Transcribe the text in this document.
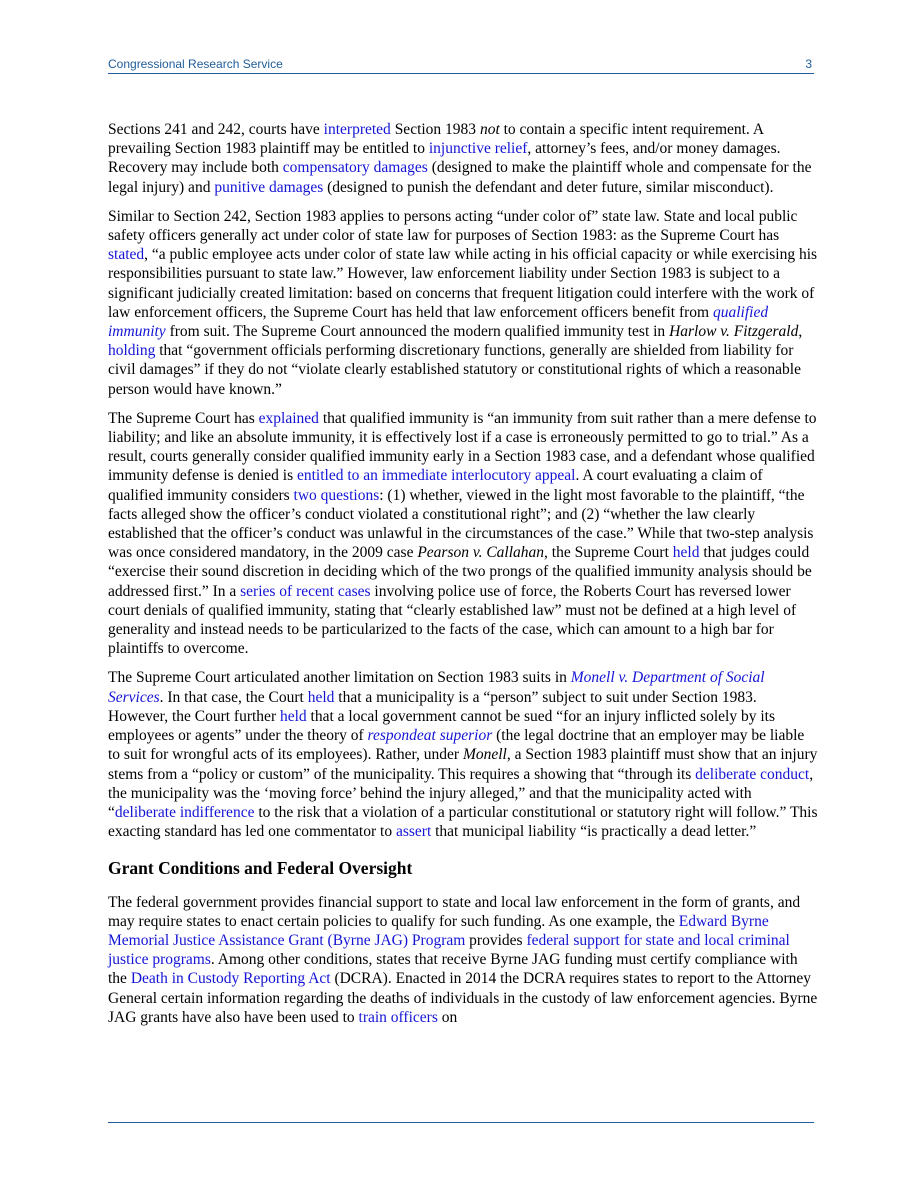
Congressional Research Service	3

Sections 241 and 242, courts have interpreted Section 1983 not to contain a specific intent requirement. A prevailing Section 1983 plaintiff may be entitled to injunctive relief, attorney’s fees, and/or money damages. Recovery may include both compensatory damages (designed to make the plaintiff whole and compensate for the legal injury) and punitive damages (designed to punish the defendant and deter future, similar misconduct).

Similar to Section 242, Section 1983 applies to persons acting “under color of” state law. State and local public safety officers generally act under color of state law for purposes of Section 1983: as the Supreme Court has stated, “a public employee acts under color of state law while acting in his official capacity or while exercising his responsibilities pursuant to state law.” However, law enforcement liability under Section 1983 is subject to a significant judicially created limitation: based on concerns that frequent litigation could interfere with the work of law enforcement officers, the Supreme Court has held that law enforcement officers benefit from qualified immunity from suit. The Supreme Court announced the modern qualified immunity test in Harlow v. Fitzgerald, holding that “government officials performing discretionary functions, generally are shielded from liability for civil damages” if they do not “violate clearly established statutory or constitutional rights of which a reasonable person would have known.”

The Supreme Court has explained that qualified immunity is “an immunity from suit rather than a mere defense to liability; and like an absolute immunity, it is effectively lost if a case is erroneously permitted to go to trial.” As a result, courts generally consider qualified immunity early in a Section 1983 case, and a defendant whose qualified immunity defense is denied is entitled to an immediate interlocutory appeal. A court evaluating a claim of qualified immunity considers two questions: (1) whether, viewed in the light most favorable to the plaintiff, “the facts alleged show the officer’s conduct violated a constitutional right”; and (2) “whether the law clearly established that the officer’s conduct was unlawful in the circumstances of the case.” While that two-step analysis was once considered mandatory, in the 2009 case Pearson v. Callahan, the Supreme Court held that judges could “exercise their sound discretion in deciding which of the two prongs of the qualified immunity analysis should be addressed first.” In a series of recent cases involving police use of force, the Roberts Court has reversed lower court denials of qualified immunity, stating that “clearly established law” must not be defined at a high level of generality and instead needs to be particularized to the facts of the case, which can amount to a high bar for plaintiffs to overcome.

The Supreme Court articulated another limitation on Section 1983 suits in Monell v. Department of Social Services. In that case, the Court held that a municipality is a “person” subject to suit under Section 1983. However, the Court further held that a local government cannot be sued “for an injury inflicted solely by its employees or agents” under the theory of respondeat superior (the legal doctrine that an employer may be liable to suit for wrongful acts of its employees). Rather, under Monell, a Section 1983 plaintiff must show that an injury stems from a “policy or custom” of the municipality. This requires a showing that “through its deliberate conduct, the municipality was the ‘moving force’ behind the injury alleged,” and that the municipality acted with “deliberate indifference to the risk that a violation of a particular constitutional or statutory right will follow.” This exacting standard has led one commentator to assert that municipal liability “is practically a dead letter.”

Grant Conditions and Federal Oversight

The federal government provides financial support to state and local law enforcement in the form of grants, and may require states to enact certain policies to qualify for such funding. As one example, the Edward Byrne Memorial Justice Assistance Grant (Byrne JAG) Program provides federal support for state and local criminal justice programs. Among other conditions, states that receive Byrne JAG funding must certify compliance with the Death in Custody Reporting Act (DCRA). Enacted in 2014 the DCRA requires states to report to the Attorney General certain information regarding the deaths of individuals in the custody of law enforcement agencies. Byrne JAG grants have also have been used to train officers on
